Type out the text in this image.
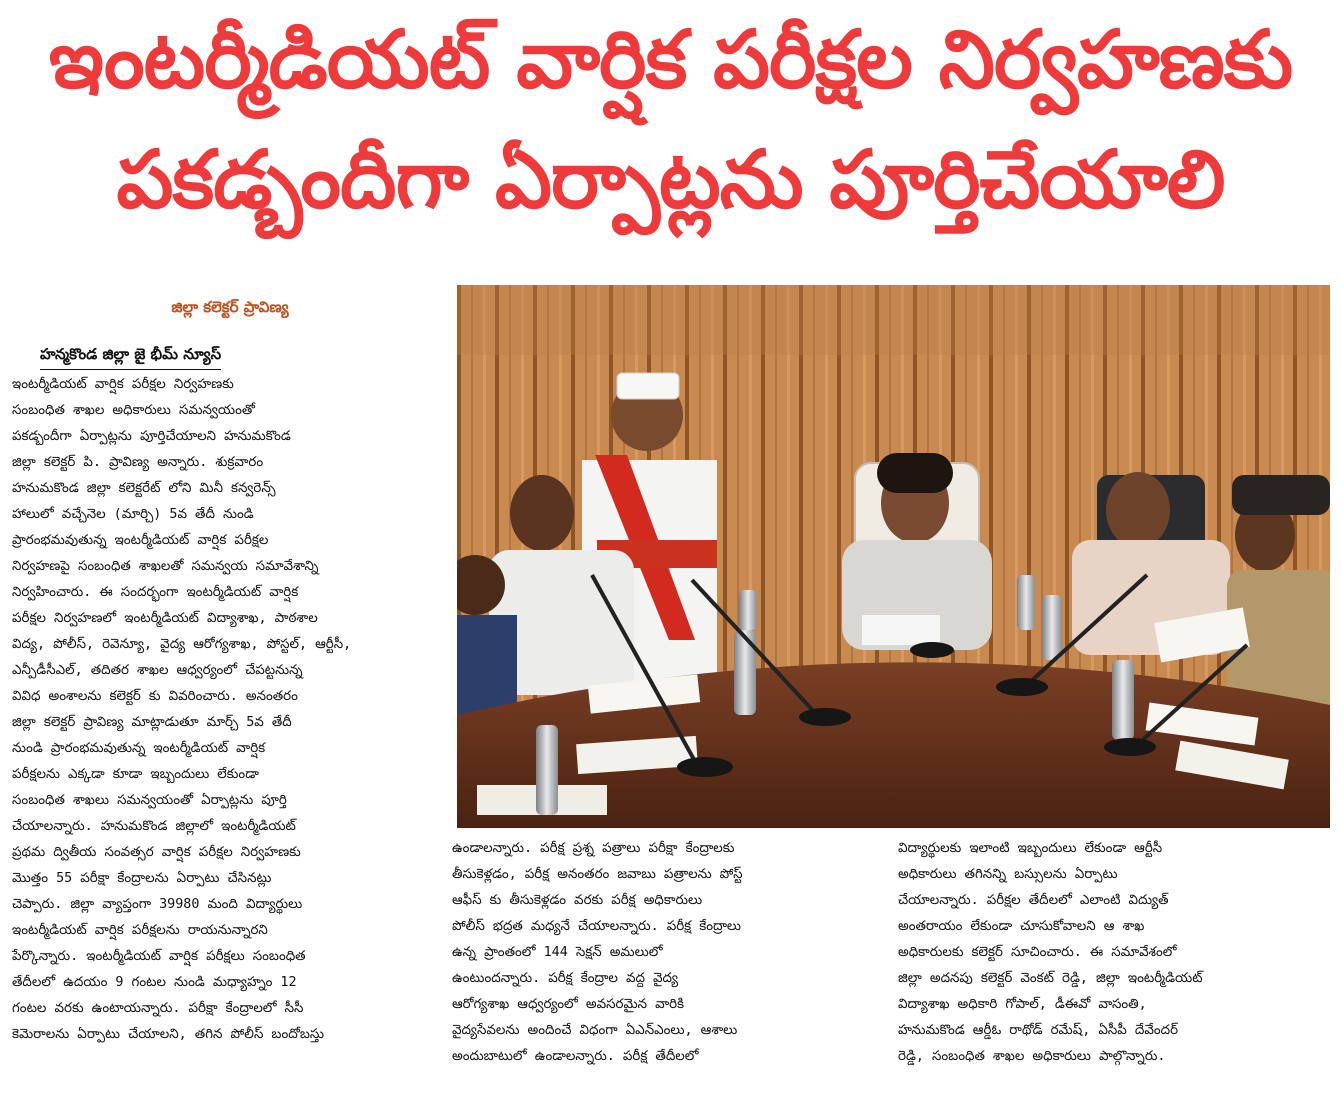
ఇంటర్మీడియట్ వార్షిక పరీక్షల నిర్వహణకు
పకడ్బందీగా ఏర్పాట్లను పూర్తిచేయాలి
జిల్లా కలెక్టర్ ప్రావిణ్య
హన్మకొండ జిల్లా జై భీమ్ న్యూస్
ఇంటర్మీడియట్ వార్షిక పరీక్షల నిర్వహణకు
సంబంధిత శాఖల అధికారులు సమన్వయంతో
పకడ్బందీగా ఏర్పాట్లను పూర్తిచేయాలని హనుమకొండ
జిల్లా కలెక్టర్ పి. ప్రావిణ్య అన్నారు. శుక్రవారం
హనుమకొండ జిల్లా కలెక్టరేట్ లోని మినీ కన్వరెన్స్
హాలులో వచ్చేనెల (మార్చి) 5వ తేదీ నుండి
ప్రారంభమవుతున్న ఇంటర్మీడియట్ వార్షిక పరీక్షల
నిర్వహణపై సంబంధిత శాఖలతో సమన్వయ సమావేశాన్ని
నిర్వహించారు. ఈ సందర్భంగా ఇంటర్మీడియట్ వార్షిక
పరీక్షల నిర్వహణలో ఇంటర్మీడియట్ విద్యాశాఖ, పాఠశాల
విద్య, పోలీస్, రెవెన్యూ, వైద్య ఆరోగ్యశాఖ, పోస్టల్, ఆర్టీసీ,
ఎన్పీడీసీఎల్, తదితర శాఖల ఆధ్వర్యంలో చేపట్టనున్న
వివిధ అంశాలను కలెక్టర్ కు వివరించారు. అనంతరం
జిల్లా కలెక్టర్ ప్రావిణ్య మాట్లాడుతూ మార్చ్ 5వ తేదీ
నుండి ప్రారంభమవుతున్న ఇంటర్మీడియట్ వార్షిక
పరీక్షలను ఎక్కడా కూడా ఇబ్బందులు లేకుండా
సంబంధిత శాఖలు సమన్వయంతో ఏర్పాట్లను పూర్తి
చేయాలన్నారు. హనుమకొండ జిల్లాలో ఇంటర్మీడియట్
ప్రథమ ద్వితీయ సంవత్సర వార్షిక పరీక్షల నిర్వహణకు
మొత్తం 55 పరీక్షా కేంద్రాలను ఏర్పాటు చేసినట్లు
చెప్పారు. జిల్లా వ్యాప్తంగా 39980 మంది విద్యార్థులు
ఇంటర్మీడియట్ వార్షిక పరీక్షలను రాయనున్నారని
పేర్కొన్నారు. ఇంటర్మీడియట్ వార్షిక పరీక్షలు సంబంధిత
తేదీలలో ఉదయం 9 గంటల నుండి మధ్యాహ్నం 12
గంటల వరకు ఉంటాయన్నారు. పరీక్షా కేంద్రాలలో సీసీ
కెమెరాలను ఏర్పాటు చేయాలని, తగిన పోలీస్ బందోబస్తు
ఉండాలన్నారు. పరీక్ష ప్రశ్న పత్రాలు పరీక్షా కేంద్రాలకు
తీసుకెళ్లడం, పరీక్ష అనంతరం జవాబు పత్రాలను పోస్ట్
ఆఫీస్ కు తీసుకెళ్లడం వరకు పరీక్ష అధికారులు
పోలీస్ భద్రత మధ్యనే చేయాలన్నారు. పరీక్ష కేంద్రాలు
ఉన్న ప్రాంతంలో 144 సెక్షన్ అమలులో
ఉంటుందన్నారు. పరీక్ష కేంద్రాల వద్ద వైద్య
ఆరోగ్యశాఖ ఆధ్వర్యంలో అవసరమైన వారికి
వైద్యసేవలను అందించే విధంగా ఏఎన్ఎంలు, ఆశాలు
అందుబాటులో ఉండాలన్నారు. పరీక్ష తేదీలలో
విద్యార్థులకు ఇలాంటి ఇబ్బందులు లేకుండా ఆర్టీసీ
అధికారులు తగినన్ని బస్సులను ఏర్పాటు
చేయాలన్నారు. పరీక్షల తేదీలలో ఎలాంటి విద్యుత్
అంతరాయం లేకుండా చూసుకోవాలని ఆ శాఖ
అధికారులకు కలెక్టర్ సూచించారు. ఈ సమావేశంలో
జిల్లా అదనపు కలెక్టర్ వెంకట్ రెడ్డి, జిల్లా ఇంటర్మీడియట్
విద్యాశాఖ అధికారి గోపాల్, డీఈవో వాసంతి,
హనుమకొండ ఆర్డీఓ రాథోడ్ రమేష్, ఏసీపీ దేవేందర్
రెడ్డి, సంబంధిత శాఖల అధికారులు పాల్గొన్నారు.
